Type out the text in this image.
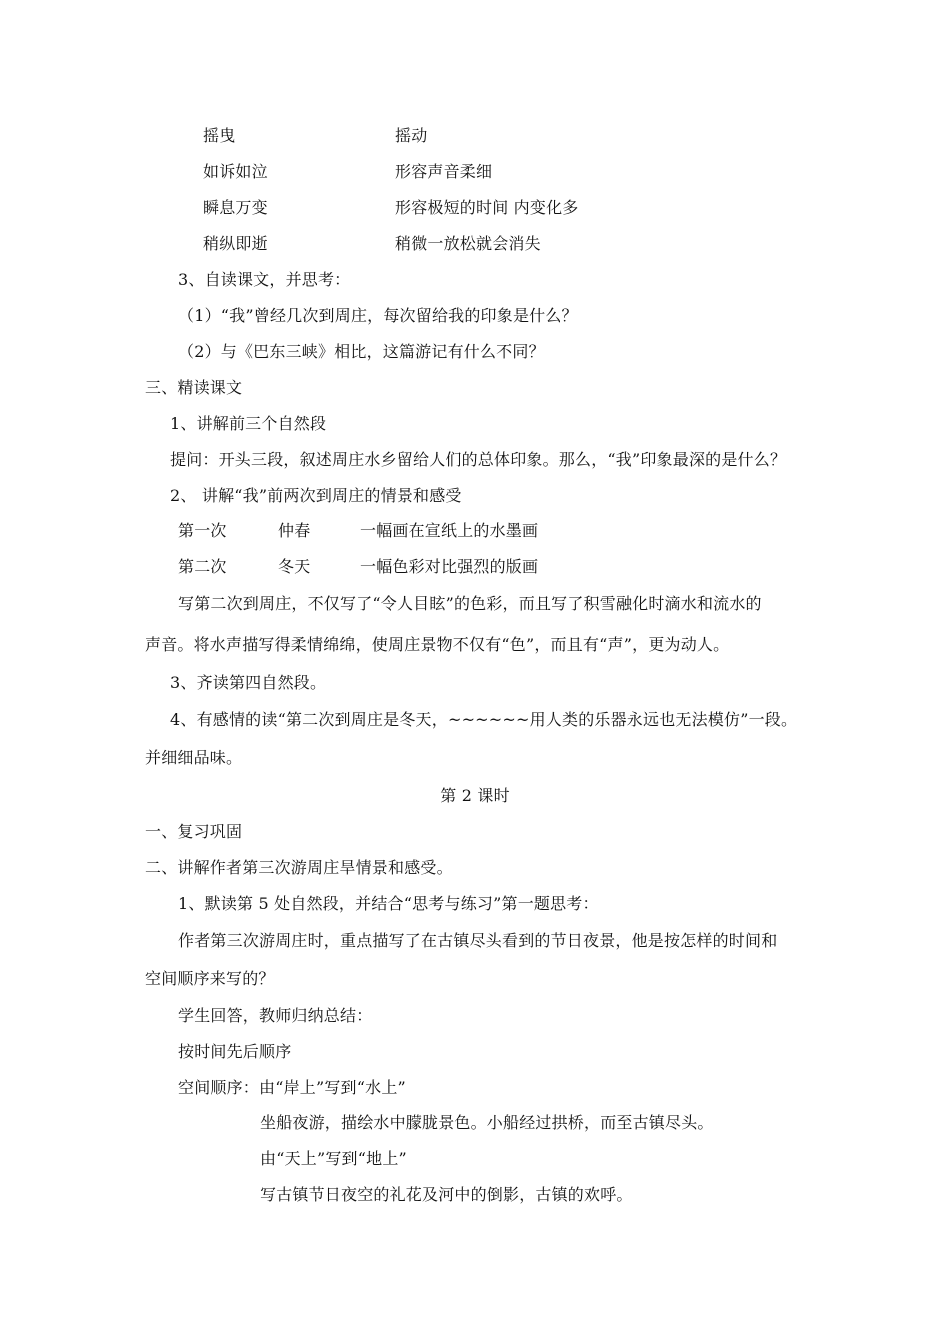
摇曳	摇动
如诉如泣	形容声音柔细
瞬息万变	形容极短的时间 内变化多
稍纵即逝	稍微一放松就会消失
3、自读课文，并思考：
（1）“我”曾经几次到周庄，每次留给我的印象是什么？
（2）与《巴东三峡》相比，这篇游记有什么不同？
三、精读课文
1、讲解前三个自然段
提问：开头三段，叙述周庄水乡留给人们的总体印象。那么，“我”印象最深的是什么？
2、 讲解“我”前两次到周庄的情景和感受
第一次	仲春	一幅画在宣纸上的水墨画
第二次	冬天	一幅色彩对比强烈的版画
写第二次到周庄，不仅写了“令人目眩”的色彩，而且写了积雪融化时滴水和流水的
声音。将水声描写得柔情绵绵，使周庄景物不仅有“色”，而且有“声”，更为动人。
3、齐读第四自然段。
4、有感情的读“第二次到周庄是冬天，~~~~~~用人类的乐器永远也无法模仿”一段。
并细细品味。
第 2 课时
一、复习巩固
二、讲解作者第三次游周庄旱情景和感受。
1、默读第 5 处自然段，并结合“思考与练习”第一题思考：
作者第三次游周庄时，重点描写了在古镇尽头看到的节日夜景，他是按怎样的时间和
空间顺序来写的？
学生回答，教师归纳总结：
按时间先后顺序
空间顺序：由“岸上”写到“水上”
坐船夜游，描绘水中朦胧景色。小船经过拱桥，而至古镇尽头。
由“天上”写到“地上”
写古镇节日夜空的礼花及河中的倒影，古镇的欢呼。
